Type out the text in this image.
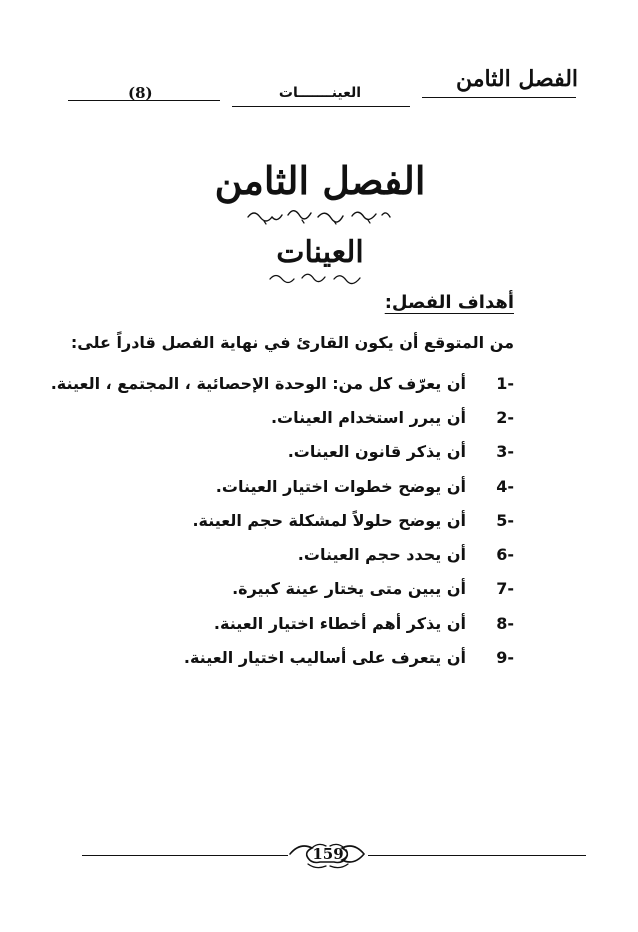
(8)	العينـــــــات
الفصل الثامن
الفصل الثامن
العينات
أهداف الفصل:
من المتوقع أن يكون القارئ في نهاية الفصل قادراً على:
-1
أن يعرّف كل من: الوحدة الإحصائية ، المجتمع ، العينة.
-2
أن يبرر استخدام العينات.
-3
أن يذكر قانون العينات.
-4
أن يوضح خطوات اختيار العينات.
-5
أن يوضح حلولاً لمشكلة حجم العينة.
-6
أن يحدد حجم العينات.
-7
أن يبين متى يختار عينة كبيرة.
-8
أن يذكر أهم أخطاء اختيار العينة.
-9
أن يتعرف على أساليب اختيار العينة.
159
